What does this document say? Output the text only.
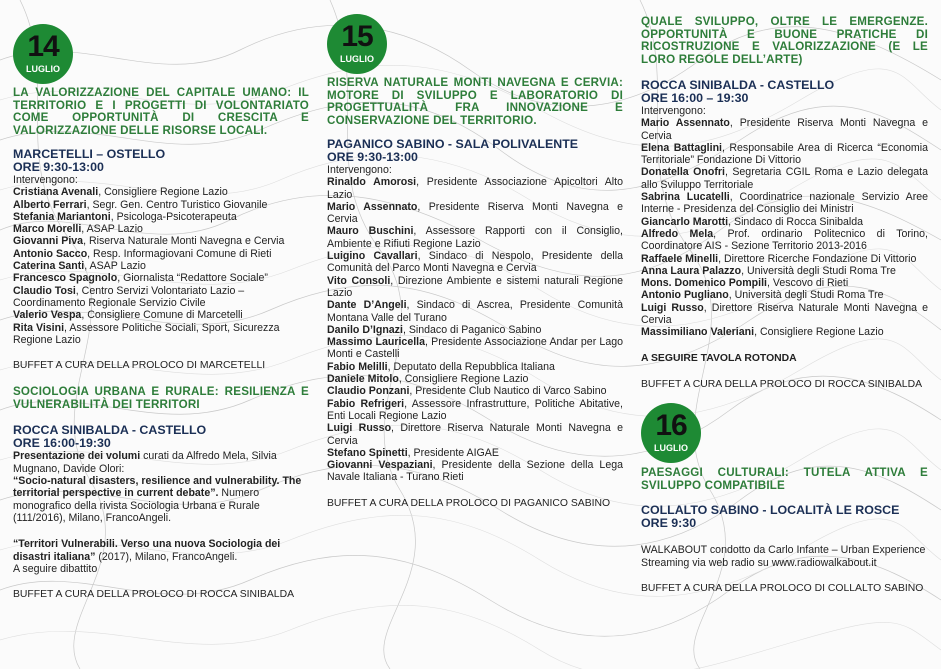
14
LUGLIO
LA VALORIZZAZIONE DEL CAPITALE UMANO: IL TERRITORIO E I PROGETTI DI VOLONTARIATO COME OPPORTUNITÀ DI CRESCITA E VALORIZZAZIONE DELLE RISORSE LOCALI.
MARCETELLI – OSTELLO
ORE 9:30-13:00
Intervengono:
Cristiana Avenali, Consigliere Regione Lazio
Alberto Ferrari, Segr. Gen. Centro Turistico Giovanile
Stefania Mariantoni, Psicologa-Psicoterapeuta
Marco Morelli, ASAP Lazio
Giovanni Piva, Riserva Naturale Monti Navegna e Cervia
Antonio Sacco, Resp. Informagiovani Comune di Rieti
Caterina Santi, ASAP Lazio
Francesco Spagnolo, Giornalista “Redattore Sociale”
Claudio Tosi, Centro Servizi Volontariato Lazio – Coordinamento Regionale Servizio Civile
Valerio Vespa, Consigliere Comune di Marcetelli
Rita Visini, Assessore Politiche Sociali, Sport, Sicurezza Regione Lazio
BUFFET A CURA DELLA PROLOCO DI MARCETELLI
SOCIOLOGIA URBANA E RURALE: RESILIENZA E VULNERABILITÀ DEI TERRITORI
ROCCA SINIBALDA - CASTELLO
ORE 16:00-19:30
Presentazione dei volumi curati da Alfredo Mela, Silvia Mugnano, Davide Olori:
“Socio-natural disasters, resilience and vulnerability. The territorial perspective in current debate”. Numero monografico della rivista Sociologia Urbana e Rurale (111/2016), Milano, FrancoAngeli.
“Territori Vulnerabili. Verso una nuova Sociologia dei disastri italiana” (2017), Milano, FrancoAngeli.
A seguire dibattito
BUFFET A CURA DELLA PROLOCO DI ROCCA SINIBALDA
15
LUGLIO
RISERVA NATURALE MONTI NAVEGNA E CERVIA: MOTORE DI SVILUPPO E LABORATORIO DI PROGETTUALITÀ FRA INNOVAZIONE E CONSERVAZIONE DEL TERRITORIO.
PAGANICO SABINO - SALA POLIVALENTE
ORE 9:30-13:00
Intervengono:
Rinaldo Amorosi, Presidente Associazione Apicoltori Alto Lazio
Mario Assennato, Presidente Riserva Monti Navegna e Cervia
Mauro Buschini, Assessore Rapporti con il Consiglio, Ambiente e Rifiuti Regione Lazio
Luigino Cavallari, Sindaco di Nespolo, Presidente della Comunità del Parco Monti Navegna e Cervia
Vito Consoli, Direzione Ambiente e sistemi naturali Regione Lazio
Dante D’Angeli, Sindaco di Ascrea, Presidente Comunità Montana Valle del Turano
Danilo D’Ignazi, Sindaco di Paganico Sabino
Massimo Lauricella, Presidente Associazione Andar per Lago Monti e Castelli
Fabio Melilli, Deputato della Repubblica Italiana
Daniele Mitolo, Consigliere Regione Lazio
Claudio Ponzani, Presidente Club Nautico di Varco Sabino
Fabio Refrigeri, Assessore Infrastrutture, Politiche Abitative, Enti Locali Regione Lazio
Luigi Russo, Direttore Riserva Naturale Monti Navegna e Cervia
Stefano Spinetti, Presidente AIGAE
Giovanni Vespaziani, Presidente della Sezione della Lega Navale Italiana - Turano Rieti
BUFFET A CURA DELLA PROLOCO DI PAGANICO SABINO
QUALE SVILUPPO, OLTRE LE EMERGENZE. OPPORTUNITÀ E BUONE PRATICHE DI RICOSTRUZIONE E VALORIZZAZIONE (E LE LORO REGOLE DELL’ARTE)
ROCCA SINIBALDA - CASTELLO
ORE 16:00 – 19:30
Intervengono:
Mario Assennato, Presidente Riserva Monti Navegna e Cervia
Elena Battaglini, Responsabile Area di Ricerca “Economia Territoriale” Fondazione Di Vittorio
Donatella Onofri, Segretaria CGIL Roma e Lazio delegata allo Sviluppo Territoriale
Sabrina Lucatelli, Coordinatrice nazionale Servizio Aree Interne - Presidenza del Consiglio dei Ministri
Giancarlo Marotti, Sindaco di Rocca Sinibalda
Alfredo Mela, Prof. ordinario Politecnico di Torino, Coordinatore AIS - Sezione Territorio 2013-2016
Raffaele Minelli, Direttore Ricerche Fondazione Di Vittorio
Anna Laura Palazzo, Università degli Studi Roma Tre
Mons. Domenico Pompili, Vescovo di Rieti
Antonio Pugliano, Università degli Studi Roma Tre
Luigi Russo, Direttore Riserva Naturale Monti Navegna e Cervia
Massimiliano Valeriani, Consigliere Regione Lazio
A SEGUIRE TAVOLA ROTONDA
BUFFET A CURA DELLA PROLOCO DI ROCCA SINIBALDA
16
LUGLIO
PAESAGGI CULTURALI: TUTELA ATTIVA E SVILUPPO COMPATIBILE
COLLALTO SABINO - LOCALITÀ LE ROSCE
ORE 9:30
WALKABOUT condotto da Carlo Infante – Urban Experience
Streaming via web radio su www.radiowalkabout.it
BUFFET A CURA DELLA PROLOCO DI COLLALTO SABINO
